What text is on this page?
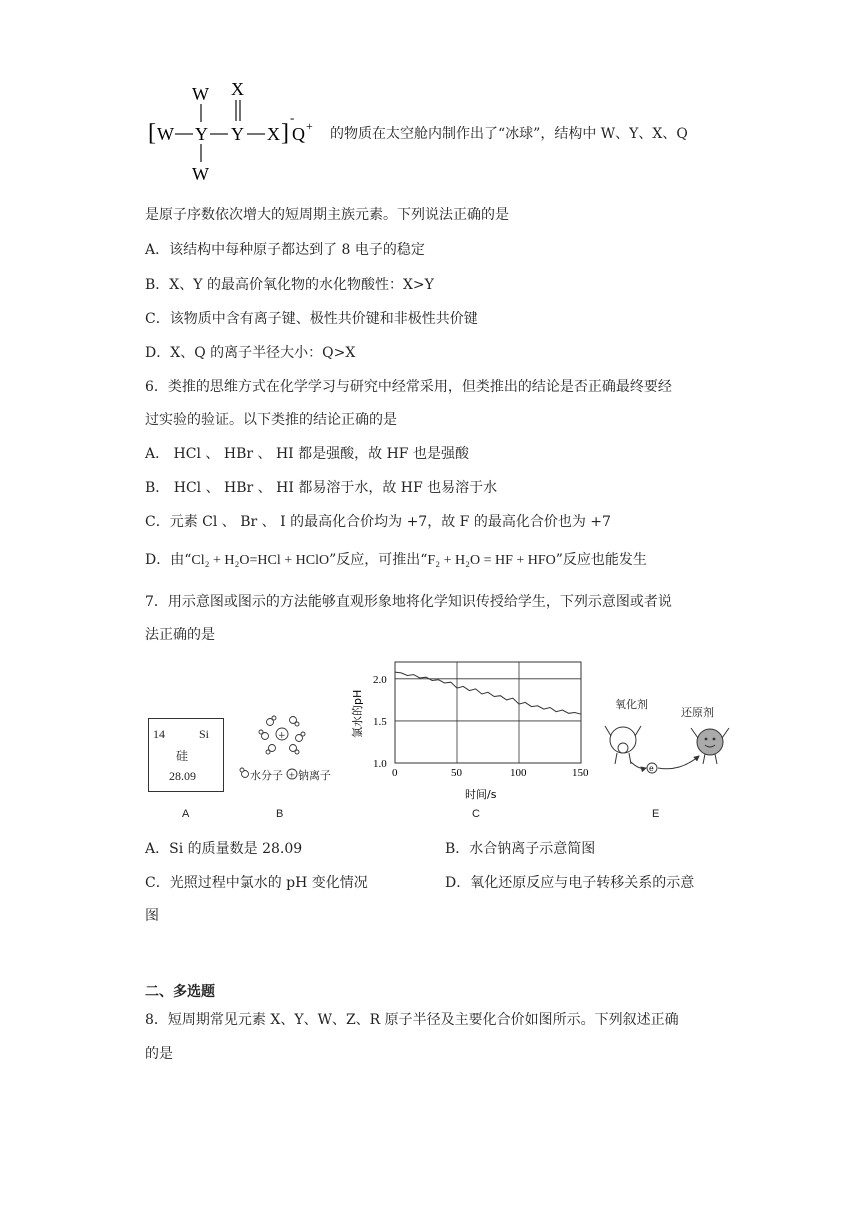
[ W Y
W
W
Y
X
X ]
-
Q + 的物质在太空舱内制作出了“冰球”，结构中 W、Y、X、Q
是原子序数依次增大的短周期主族元素。下列说法正确的是
A．该结构中每种原子都达到了 8 电子的稳定
B．X、Y 的最高价氧化物的水化物酸性：X>Y
C．该物质中含有离子键、极性共价键和非极性共价键
D．X、Q 的离子半径大小：Q>X
6．类推的思维方式在化学学习与研究中经常采用，但类推出的结论是否正确最终要经
过实验的验证。以下类推的结论正确的是
A． HCl 、 HBr 、 HI 都是强酸，故 HF 也是强酸
B． HCl 、 HBr 、 HI 都易溶于水，故 HF 也易溶于水
C．元素 Cl 、 Br 、 I 的最高化合价均为 +7，故 F 的最高化合价也为 +7
D．由“Cl₂ + H₂O=HCl + HClO”反应，可推出“F₂ + H₂O = HF + HFO”反应也能发生
7．用示意图或图示的方法能够直观形象地将化学知识传授给学生，下列示意图或者说
法正确的是
14	Si
硅
28.09
A
+
+
水分子 钠离子
B
0	50	100	150
1.0
1.5
2.0
氯水的pH
时间/s
C
e
氧化剂
还原剂
E
A．Si 的质量数是 28.09	B．水合钠离子示意简图
C．光照过程中氯水的 pH 变化情况	D．氧化还原反应与电子转移关系的示意
图
二、多选题
8．短周期常见元素 X、Y、W、Z、R 原子半径及主要化合价如图所示。下列叙述正确
的是
